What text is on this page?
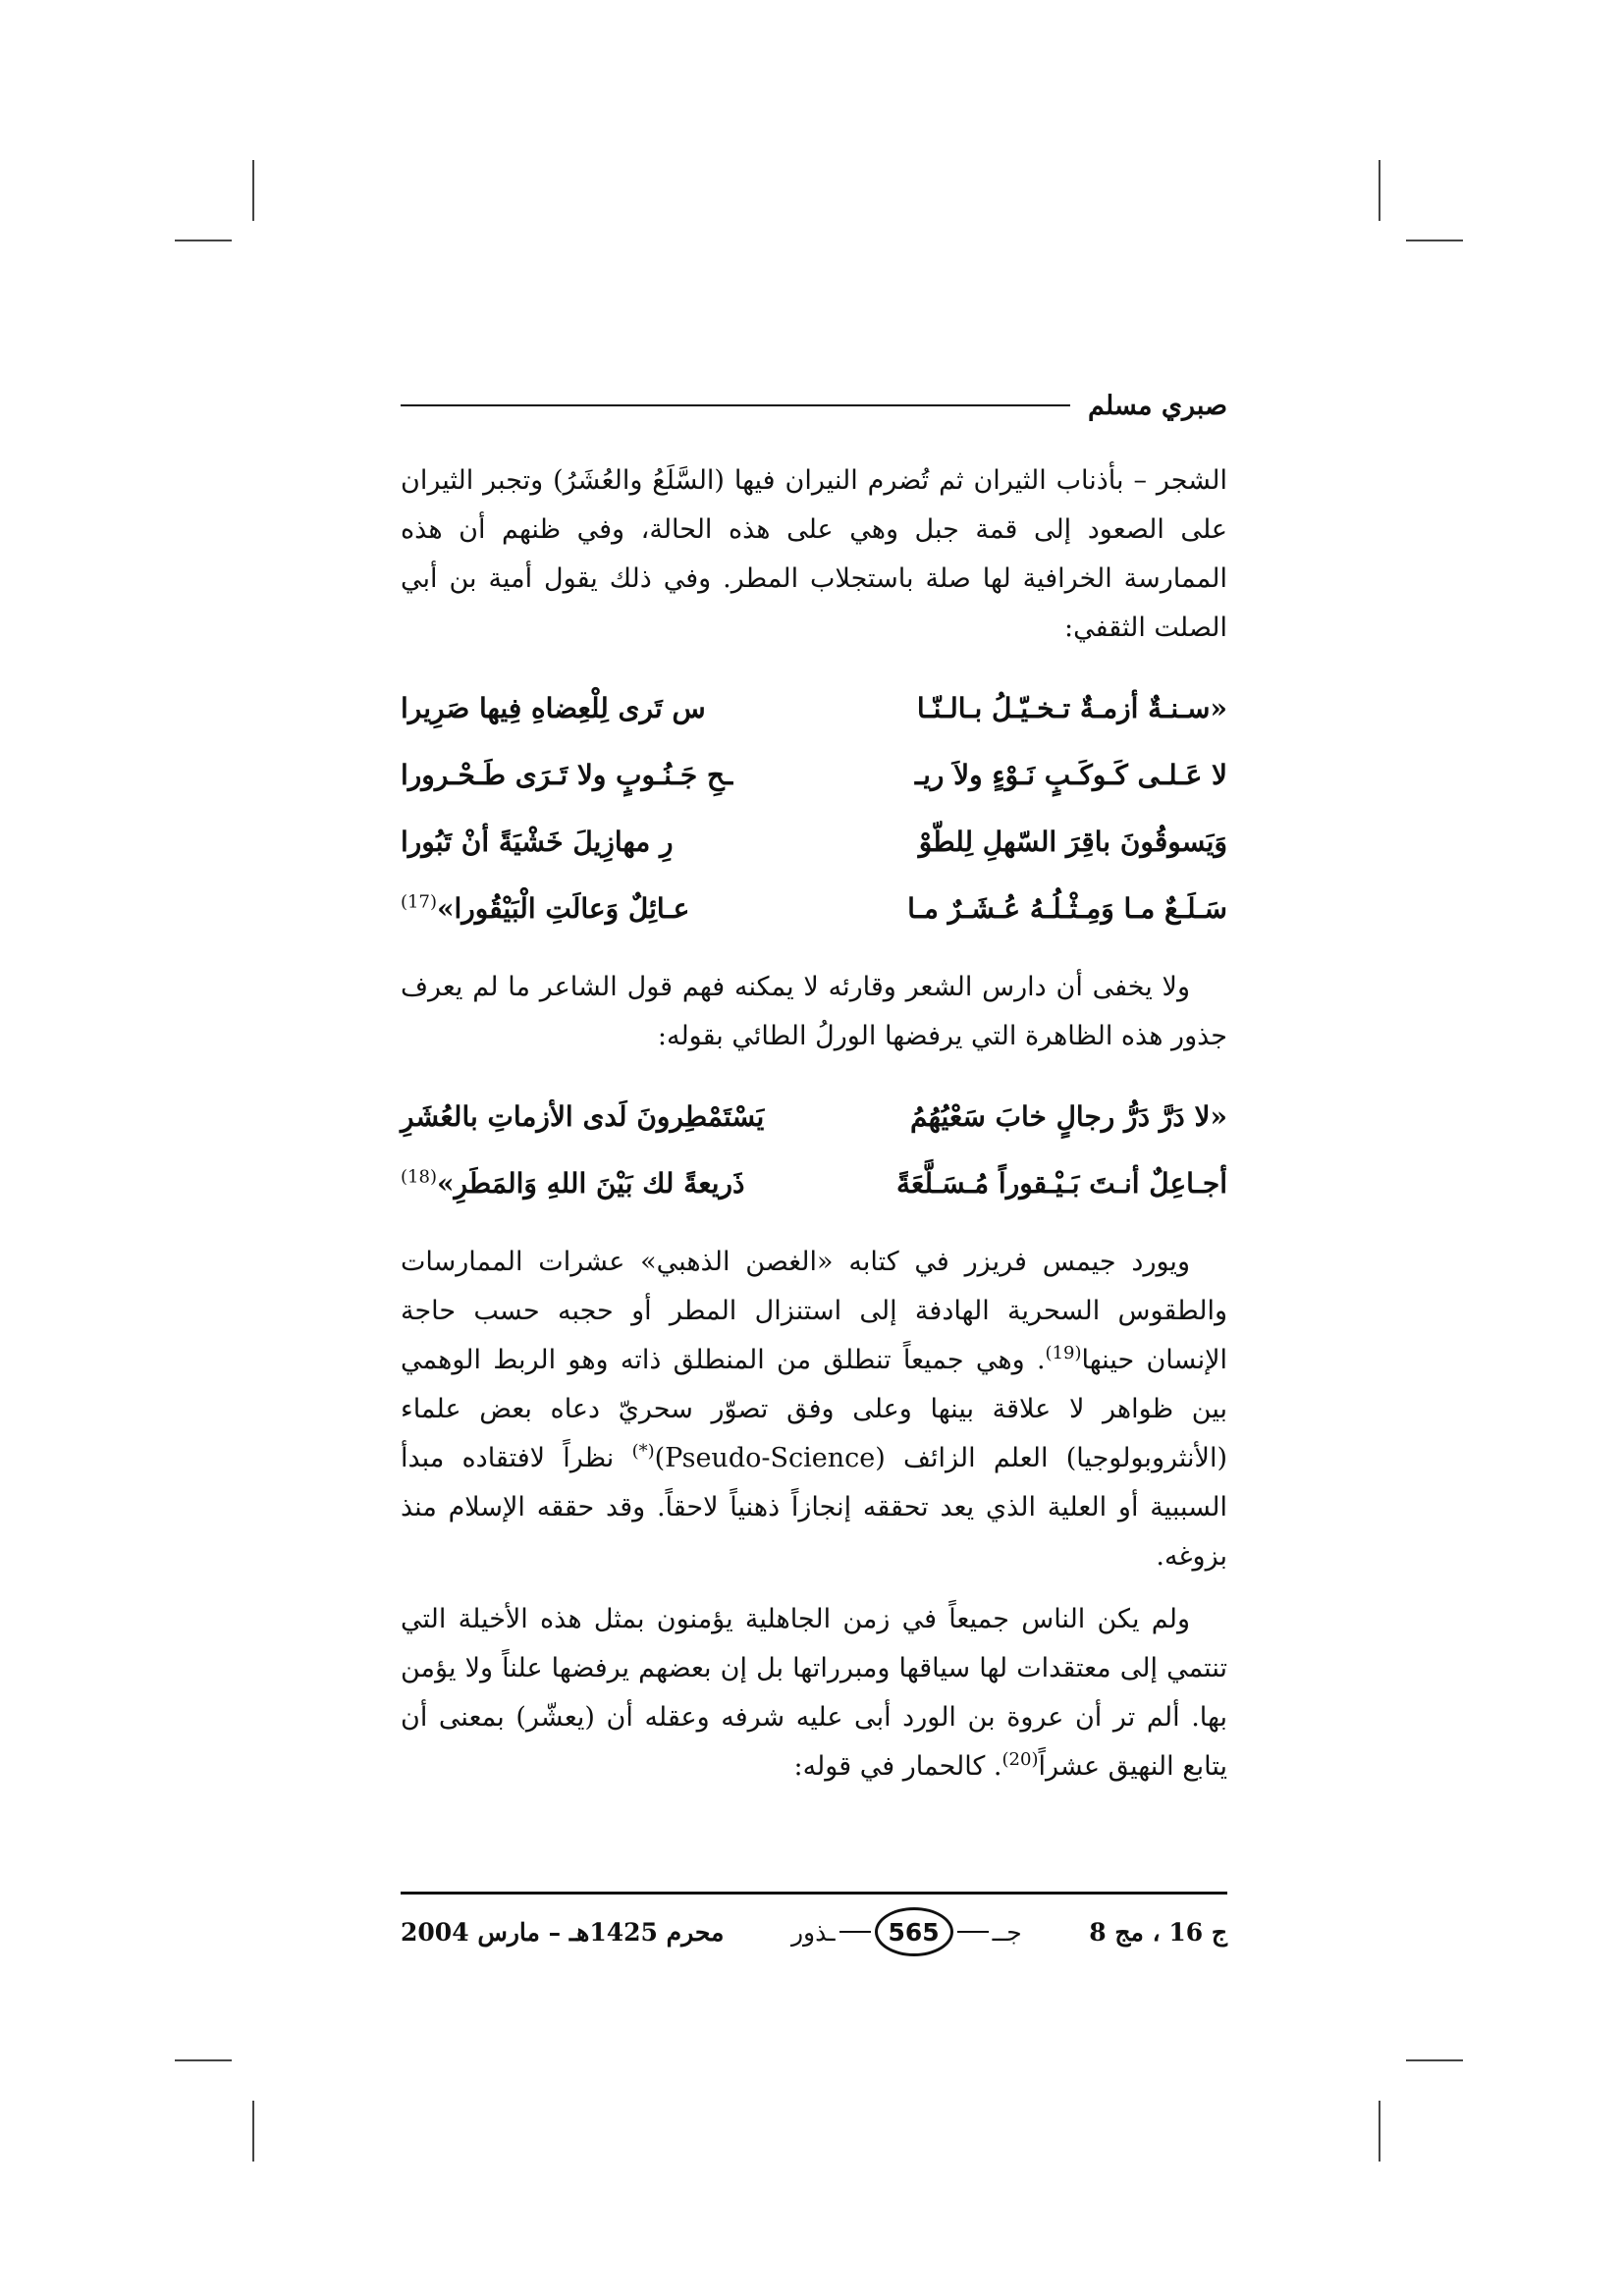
صبري مسلم

الشجر – بأذناب الثيران ثم تُضرم النيران فيها (السَّلَعُ والعُشَرُ) وتجبر الثيران على الصعود إلى قمة جبل وهي على هذه الحالة، وفي ظنهم أن هذه الممارسة الخرافية لها صلة باستجلاب المطر. وفي ذلك يقول أمية بن أبي الصلت الثقفي:

«سـنـةٌ أزمـةٌ تـخـيّـلُ بـالـنّـا
س تَرى لِلْعِضاهِ فِيها صَرِيرا
لا عَـلـى كَـوكَـبٍ نَـوْءٍ ولاَ ريـ
ـحِ جَـنُـوبٍ ولا تَـرَى طَـحْـرورا
وَيَسوقُونَ باقِرَ السّهلِ لِلطّوْ
رِ مهازِيلَ خَشْيَةً أنْ تَبُورا
سَـلَـعٌ مـا وَمِـثْـلُـهُ عُـشَـرٌ مـا
عـائِلٌ وَعالَتِ الْبَيْقُورا»$^{(17)}$

ولا يخفى أن دارس الشعر وقارئه لا يمكنه فهم قول الشاعر ما لم يعرف جذور هذه الظاهرة التي يرفضها الورلُ الطائي بقوله:

«لا دَرَّ دَرُّ رجالٍ خابَ سَعْيُهُمُ
يَسْتَمْطِرونَ لَدى الأزماتِ بالعُشَرِ
أجـاعِلٌ أنـتَ بَـيْـقوراً مُـسَـلَّعَةً
ذَريعةً لك بَيْنَ اللهِ وَالمَطَرِ»$^{(18)}$

ويورد جيمس فريزر في كتابه «الغصن الذهبي» عشرات الممارسات والطقوس السحرية الهادفة إلى استنزال المطر أو حجبه حسب حاجة الإنسان حينها$^{(19)}$. وهي جميعاً تنطلق من المنطلق ذاته وهو الربط الوهمي بين ظواهر لا علاقة بينها وعلى وفق تصوّر سحريّ دعاه بعض علماء (الأنثروبولوجيا) العلم الزائف (Pseudo-Science)(*) نظراً لافتقاده مبدأ السببية أو العلية الذي يعد تحققه إنجازاً ذهنياً لاحقاً. وقد حققه الإسلام منذ بزوغه.

ولم يكن الناس جميعاً في زمن الجاهلية يؤمنون بمثل هذه الأخيلة التي تنتمي إلى معتقدات لها سياقها ومبرراتها بل إن بعضهم يرفضها علناً ولا يؤمن بها. ألم تر أن عروة بن الورد أبى عليه شرفه وعقله أن (يعشّر) بمعنى أن يتابع النهيق عشراً$^{(20)}$. كالحمار في قوله:

ج 16 ، مج 8
جــ
565
ـذور
محرم 1425هـ – مارس 2004
